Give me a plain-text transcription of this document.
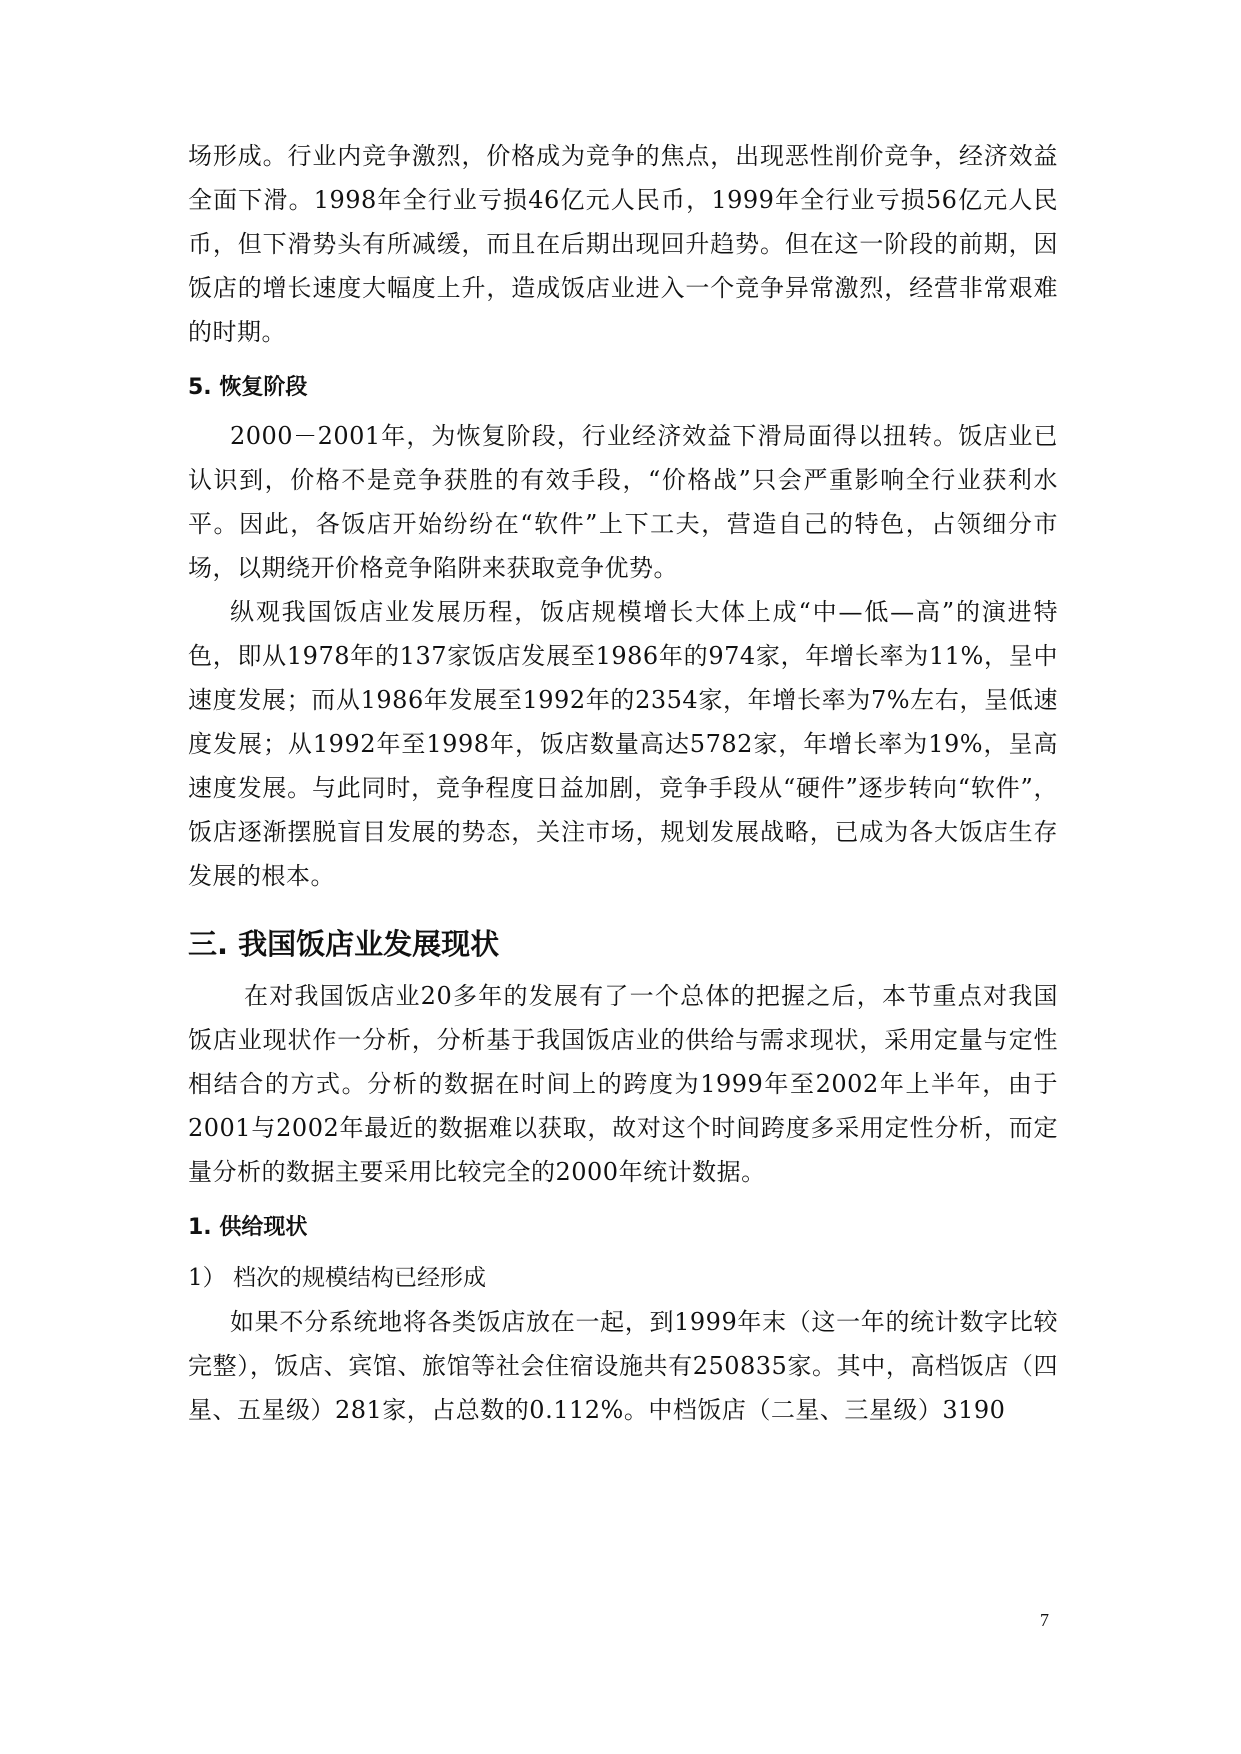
场形成。行业内竞争激烈，价格成为竞争的焦点，出现恶性削价竞争，经济效益全面下滑。1998年全行业亏损46亿元人民币，1999年全行业亏损56亿元人民币，但下滑势头有所减缓，而且在后期出现回升趋势。但在这一阶段的前期，因饭店的增长速度大幅度上升，造成饭店业进入一个竞争异常激烈，经营非常艰难的时期。

5. 恢复阶段

2000－2001年，为恢复阶段，行业经济效益下滑局面得以扭转。饭店业已认识到，价格不是竞争获胜的有效手段，“价格战”只会严重影响全行业获利水平。因此，各饭店开始纷纷在“软件”上下工夫，营造自己的特色，占领细分市场，以期绕开价格竞争陷阱来获取竞争优势。

纵观我国饭店业发展历程，饭店规模增长大体上成“中—低—高”的演进特色，即从1978年的137家饭店发展至1986年的974家，年增长率为11%，呈中速度发展；而从1986年发展至1992年的2354家，年增长率为7%左右，呈低速度发展；从1992年至1998年，饭店数量高达5782家，年增长率为19%，呈高速度发展。与此同时，竞争程度日益加剧，竞争手段从“硬件”逐步转向“软件”，饭店逐渐摆脱盲目发展的势态，关注市场，规划发展战略，已成为各大饭店生存发展的根本。

三. 我国饭店业发展现状

在对我国饭店业20多年的发展有了一个总体的把握之后，本节重点对我国饭店业现状作一分析，分析基于我国饭店业的供给与需求现状，采用定量与定性相结合的方式。分析的数据在时间上的跨度为1999年至2002年上半年，由于2001与2002年最近的数据难以获取，故对这个时间跨度多采用定性分析，而定量分析的数据主要采用比较完全的2000年统计数据。

1. 供给现状
1） 档次的规模结构已经形成

如果不分系统地将各类饭店放在一起，到1999年末（这一年的统计数字比较完整），饭店、宾馆、旅馆等社会住宿设施共有250835家。其中，高档饭店（四星、五星级）281家，占总数的0.112%。中档饭店（二星、三星级）3190

7
